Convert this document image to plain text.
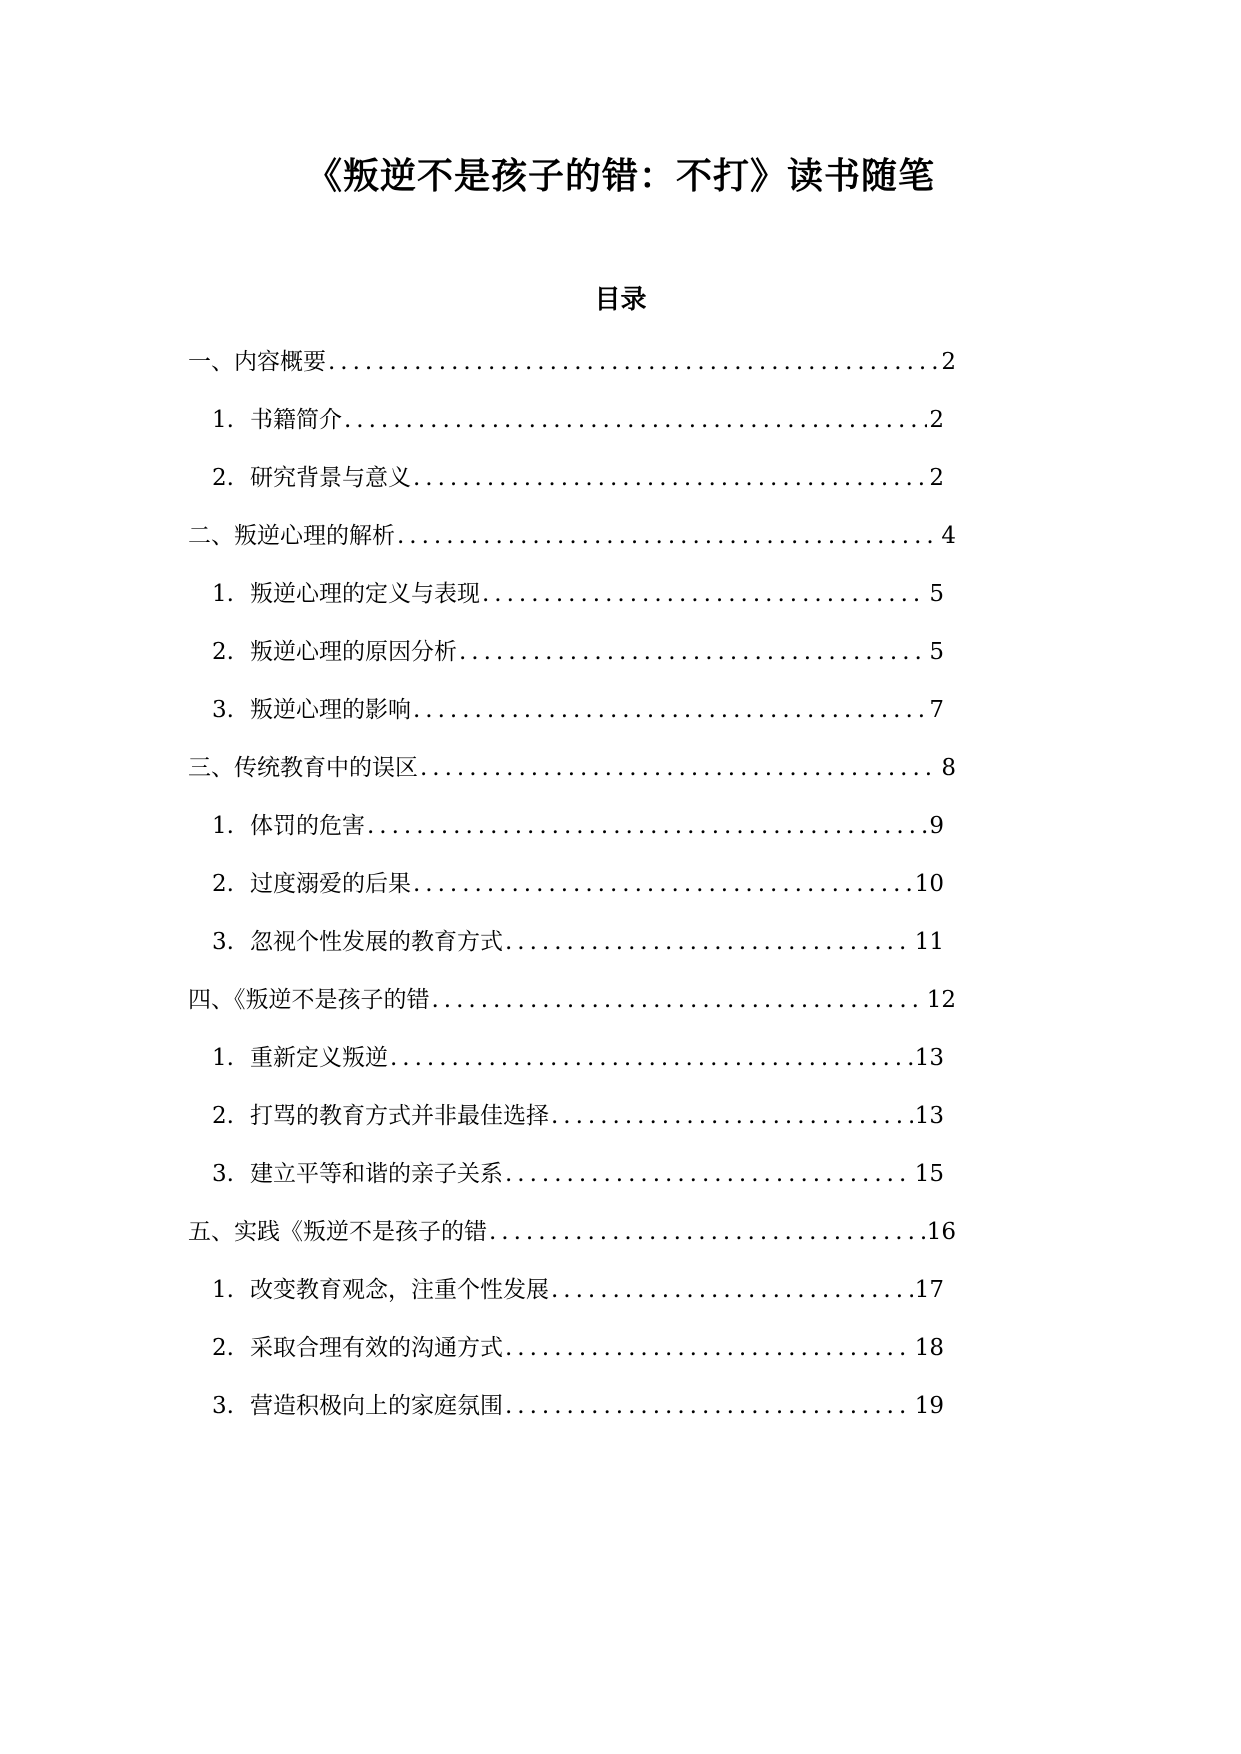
《叛逆不是孩子的错：不打》读书随笔
目录
一、内容概要 .....	2
1. 书籍简介 .....	2
2. 研究背景与意义 .....	2
二、叛逆心理的解析 .....	4
1. 叛逆心理的定义与表现 .....	5
2. 叛逆心理的原因分析 .....	5
3. 叛逆心理的影响 .....	7
三、传统教育中的误区 .....	8
1. 体罚的危害 .....	9
2. 过度溺爱的后果 .....	10
3. 忽视个性发展的教育方式 .....	11
四、《叛逆不是孩子的错 .....	12
1. 重新定义叛逆 .....	13
2. 打骂的教育方式并非最佳选择 .....	13
3. 建立平等和谐的亲子关系 .....	15
五、实践《叛逆不是孩子的错 .....	16
1. 改变教育观念，注重个性发展 .....	17
2. 采取合理有效的沟通方式 .....	18
3. 营造积极向上的家庭氛围 .....	19
